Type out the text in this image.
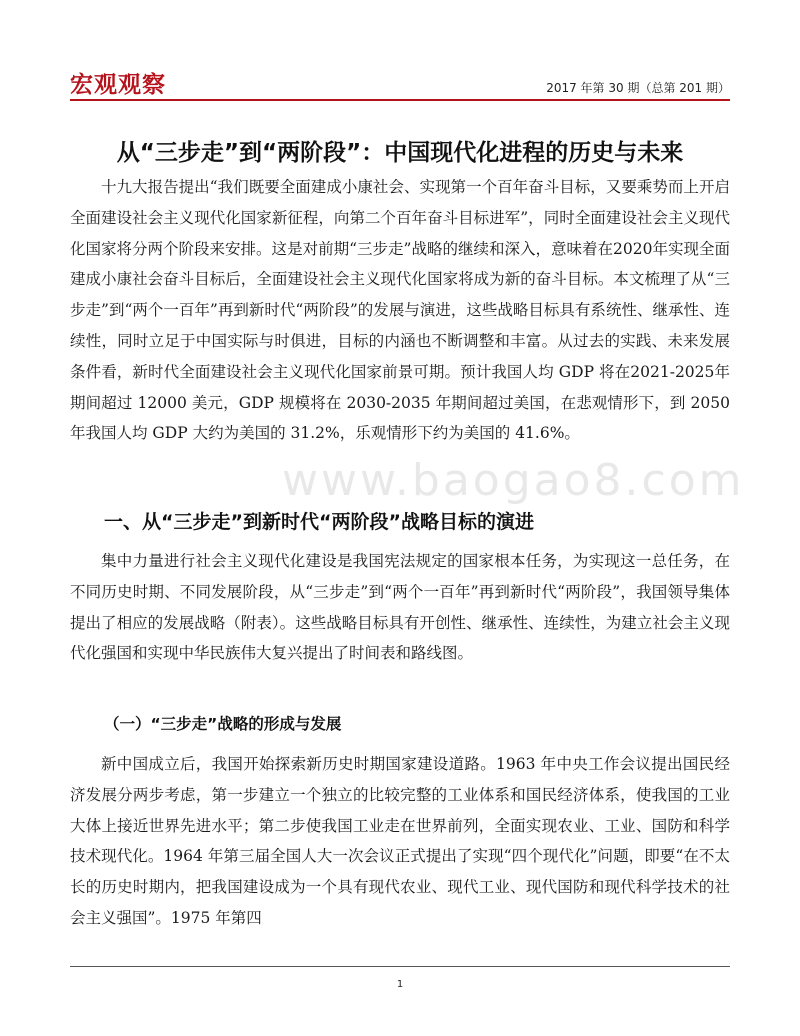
宏观观察	2017 年第 30 期（总第 201 期）
从“三步走”到“两阶段”：中国现代化进程的历史与未来

十九大报告提出“我们既要全面建成小康社会、实现第一个百年奋斗目标，又要乘势而上开启全面建设社会主义现代化国家新征程，向第二个百年奋斗目标进军”，同时全面建设社会主义现代化国家将分两个阶段来安排。这是对前期“三步走”战略的继续和深入，意味着在2020年实现全面建成小康社会奋斗目标后，全面建设社会主义现代化国家将成为新的奋斗目标。本文梳理了从“三步走”到“两个一百年”再到新时代“两阶段”的发展与演进，这些战略目标具有系统性、继承性、连续性，同时立足于中国实际与时俱进，目标的内涵也不断调整和丰富。从过去的实践、未来发展条件看，新时代全面建设社会主义现代化国家前景可期。预计我国人均 GDP 将在2021-2025年期间超过 12000 美元，GDP 规模将在 2030-2035 年期间超过美国，在悲观情形下，到 2050 年我国人均 GDP 大约为美国的 31.2%，乐观情形下约为美国的 41.6%。

www.baogao8.com
一、从“三步走”到新时代“两阶段”战略目标的演进

集中力量进行社会主义现代化建设是我国宪法规定的国家根本任务，为实现这一总任务，在不同历史时期、不同发展阶段，从“三步走”到“两个一百年”再到新时代“两阶段”，我国领导集体提出了相应的发展战略（附表）。这些战略目标具有开创性、继承性、连续性，为建立社会主义现代化强国和实现中华民族伟大复兴提出了时间表和路线图。

（一）“三步走”战略的形成与发展

新中国成立后，我国开始探索新历史时期国家建设道路。1963 年中央工作会议提出国民经济发展分两步考虑，第一步建立一个独立的比较完整的工业体系和国民经济体系，使我国的工业大体上接近世界先进水平；第二步使我国工业走在世界前列，全面实现农业、工业、国防和科学技术现代化。1964 年第三届全国人大一次会议正式提出了实现“四个现代化”问题，即要“在不太长的历史时期内，把我国建设成为一个具有现代农业、现代工业、现代国防和现代科学技术的社会主义强国”。1975 年第四

1
